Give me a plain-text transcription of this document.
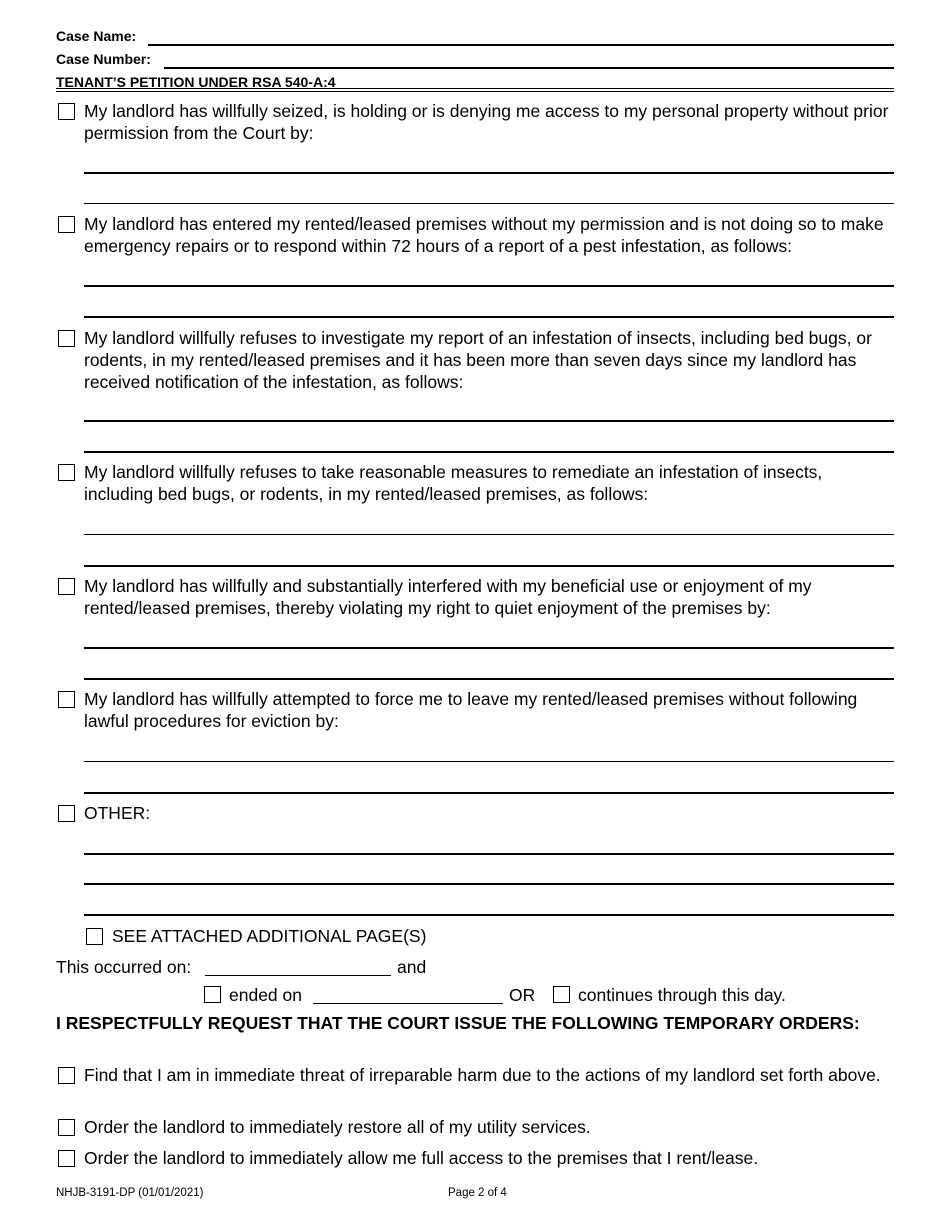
Case Name:
Case Number:
TENANT’S PETITION UNDER RSA 540-A:4
My landlord has willfully seized, is holding or is denying me access to my personal property without prior permission from the Court by:
My landlord has entered my rented/leased premises without my permission and is not doing so to make emergency repairs or to respond within 72 hours of a report of a pest infestation, as follows:
My landlord willfully refuses to investigate my report of an infestation of insects, including bed bugs, or rodents, in my rented/leased premises and it has been more than seven days since my landlord has received notification of the infestation, as follows:
My landlord willfully refuses to take reasonable measures to remediate an infestation of insects, including bed bugs, or rodents, in my rented/leased premises, as follows:
My landlord has willfully and substantially interfered with my beneficial use or enjoyment of my rented/leased premises, thereby violating my right to quiet enjoyment of the premises by:
My landlord has willfully attempted to force me to leave my rented/leased premises without following lawful procedures for eviction by:
OTHER:
SEE ATTACHED ADDITIONAL PAGE(S)
This occurred on:	and
ended on	OR continues through this day.
I RESPECTFULLY REQUEST THAT THE COURT ISSUE THE FOLLOWING TEMPORARY ORDERS:
Find that I am in immediate threat of irreparable harm due to the actions of my landlord set forth above.
Order the landlord to immediately restore all of my utility services.
Order the landlord to immediately allow me full access to the premises that I rent/lease.
NHJB-3191-DP (01/01/2021)	Page 2 of 4
